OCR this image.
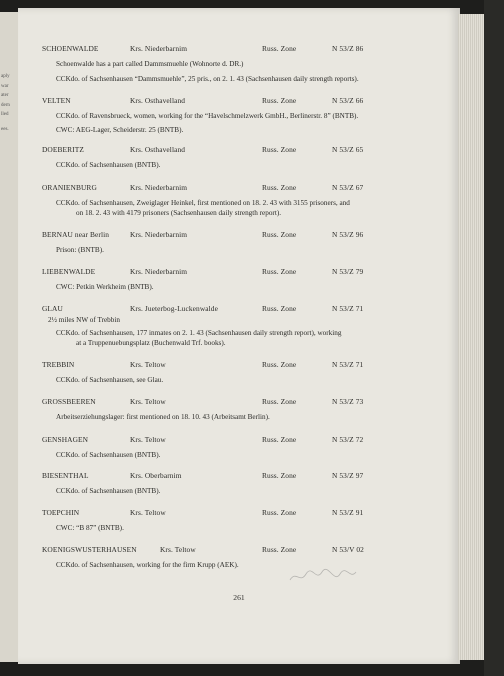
aply
war
ater
dern
lled
ees.
SCHOENWALDE	Krs. Niederbarnim	Russ. Zone	N 53/Z 86
Schoenwalde has a part called Dammsmuehle (Wohnorte d. DR.)
CCKdo. of Sachsenhausen “Dammsmuehle”, 25 pris., on 2. 1. 43 (Sachsenhausen daily strength reports).
VELTEN	Krs. Osthavelland	Russ. Zone	N 53/Z 66
CCKdo. of Ravensbrueck, women, working for the “Havelschmelzwerk GmbH., Berlinerstr. 8” (BNTB).
CWC: AEG-Lager, Scheiderstr. 25 (BNTB).
DOEBERITZ	Krs. Osthavelland	Russ. Zone	N 53/Z 65
CCKdo. of Sachsenhausen (BNTB).
ORANIENBURG	Krs. Niederbarnim	Russ. Zone	N 53/Z 67
CCKdo. of Sachsenhausen, Zweiglager Heinkel, first mentioned on 18. 2. 43 with 3155 prisoners, and
on 18. 2. 43 with 4179 prisoners (Sachsenhausen daily strength report).
BERNAU near Berlin	Krs. Niederbarnim	Russ. Zone	N 53/Z 96
Prison: (BNTB).
LIEBENWALDE	Krs. Niederbarnim	Russ. Zone	N 53/Z 79
CWC: Petkin Werkheim (BNTB).
GLAU	Krs. Jueterbog-Luckenwalde	Russ. Zone	N 53/Z 71
2½ miles NW of Trebbin
CCKdo. of Sachsenhausen, 177 inmates on 2. 1. 43 (Sachsenhausen daily strength report), working
at a Truppenuebungsplatz (Buchenwald Trf. books).
TREBBIN	Krs. Teltow	Russ. Zone	N 53/Z 71
CCKdo. of Sachsenhausen, see Glau.
GROSSBEEREN	Krs. Teltow	Russ. Zone	N 53/Z 73
Arbeitserziehungslager: first mentioned on 18. 10. 43 (Arbeitsamt Berlin).
GENSHAGEN	Krs. Teltow	Russ. Zone	N 53/Z 72
CCKdo. of Sachsenhausen (BNTB).
BIESENTHAL	Krs. Oberbarnim	Russ. Zone	N 53/Z 97
CCKdo. of Sachsenhausen (BNTB).
TOEPCHIN	Krs. Teltow	Russ. Zone	N 53/Z 91
CWC: “B 87” (BNTB).
KOENIGSWUSTERHAUSEN	Krs. Teltow	Russ. Zone	N 53/V 02
CCKdo. of Sachsenhausen, working for the firm Krupp (AEK).
261
